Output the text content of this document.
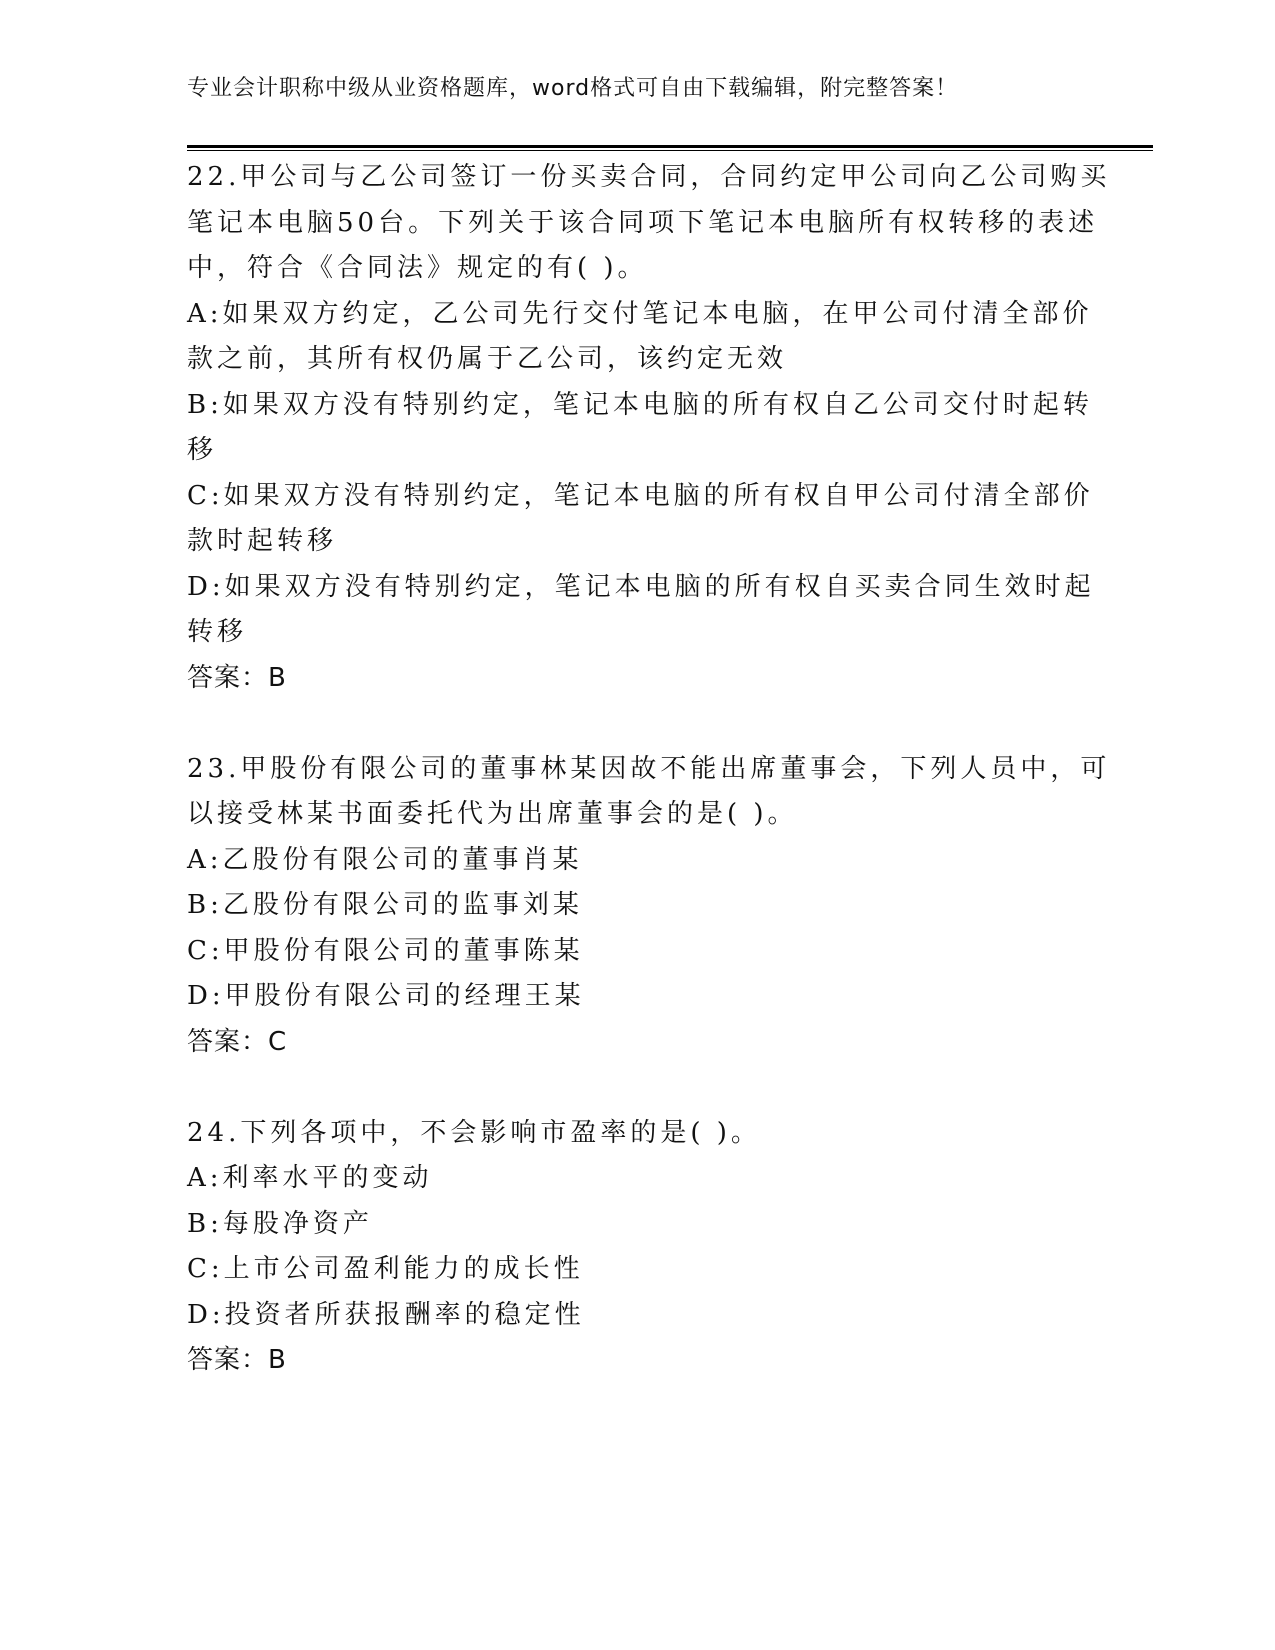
专业会计职称中级从业资格题库，word格式可自由下载编辑，附完整答案！
22.甲公司与乙公司签订一份买卖合同，合同约定甲公司向乙公司购买
笔记本电脑50台。下列关于该合同项下笔记本电脑所有权转移的表述
中，符合《合同法》规定的有( )。
A:如果双方约定，乙公司先行交付笔记本电脑，在甲公司付清全部价
款之前，其所有权仍属于乙公司，该约定无效
B:如果双方没有特别约定，笔记本电脑的所有权自乙公司交付时起转
移
C:如果双方没有特别约定，笔记本电脑的所有权自甲公司付清全部价
款时起转移
D:如果双方没有特别约定，笔记本电脑的所有权自买卖合同生效时起
转移
答案：B
23.甲股份有限公司的董事林某因故不能出席董事会，下列人员中，可
以接受林某书面委托代为出席董事会的是( )。
A:乙股份有限公司的董事肖某
B:乙股份有限公司的监事刘某
C:甲股份有限公司的董事陈某
D:甲股份有限公司的经理王某
答案：C
24.下列各项中，不会影响市盈率的是( )。
A:利率水平的变动
B:每股净资产
C:上市公司盈利能力的成长性
D:投资者所获报酬率的稳定性
答案：B
